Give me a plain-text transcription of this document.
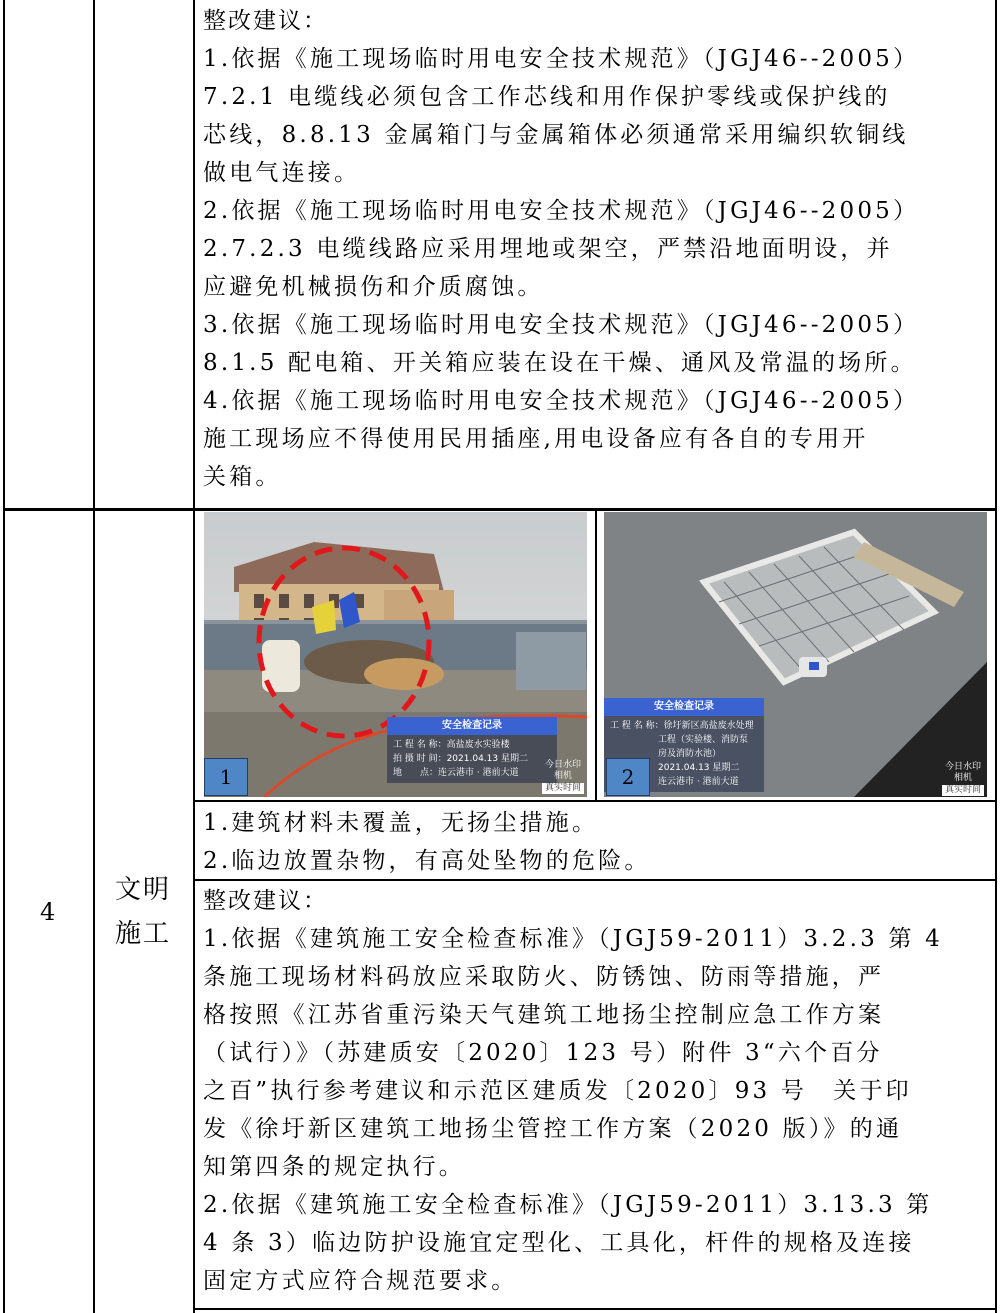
整改建议：

1.依据《施工现场临时用电安全技术规范》（JGJ46--2005）

7.2.1 电缆线必须包含工作芯线和用作保护零线或保护线的

芯线，8.8.13 金属箱门与金属箱体必须通常采用编织软铜线

做电气连接。

2.依据《施工现场临时用电安全技术规范》（JGJ46--2005）

2.7.2.3 电缆线路应采用埋地或架空，严禁沿地面明设，并

应避免机械损伤和介质腐蚀。

3.依据《施工现场临时用电安全技术规范》（JGJ46--2005）

8.1.5 配电箱、开关箱应装在设在干燥、通风及常温的场所。

4.依据《施工现场临时用电安全技术规范》（JGJ46--2005）

施工现场应不得使用民用插座,用电设备应有各自的专用开

关箱。

4
文明
施工
安全检查记录
工 程 名 称：高盐废水实验楼
拍 摄 时 间：2021.04.13 星期二
地　　点：连云港市 · 港前大道
今日水印
相机
真实时间
1
安全检查记录
工 程 名 称：徐圩新区高盐废水处理
工程（实验楼、消防泵
房及消防水池）
2021.04.13 星期二
连云港市 · 港前大道
今日水印
相机
真实时间
2

1.建筑材料未覆盖，无扬尘措施。

2.临边放置杂物，有高处坠物的危险。

整改建议：

1.依据《建筑施工安全检查标准》（JGJ59-2011）3.2.3 第 4

条施工现场材料码放应采取防火、防锈蚀、防雨等措施，严

格按照《江苏省重污染天气建筑工地扬尘控制应急工作方案

（试行）》（苏建质安〔2020〕123 号）附件 3“六个百分

之百”执行参考建议和示范区建质发〔2020〕93 号　关于印

发《徐圩新区建筑工地扬尘管控工作方案（2020 版）》的通

知第四条的规定执行。

2.依据《建筑施工安全检查标准》（JGJ59-2011）3.13.3 第

4 条 3）临边防护设施宜定型化、工具化，杆件的规格及连接

固定方式应符合规范要求。
